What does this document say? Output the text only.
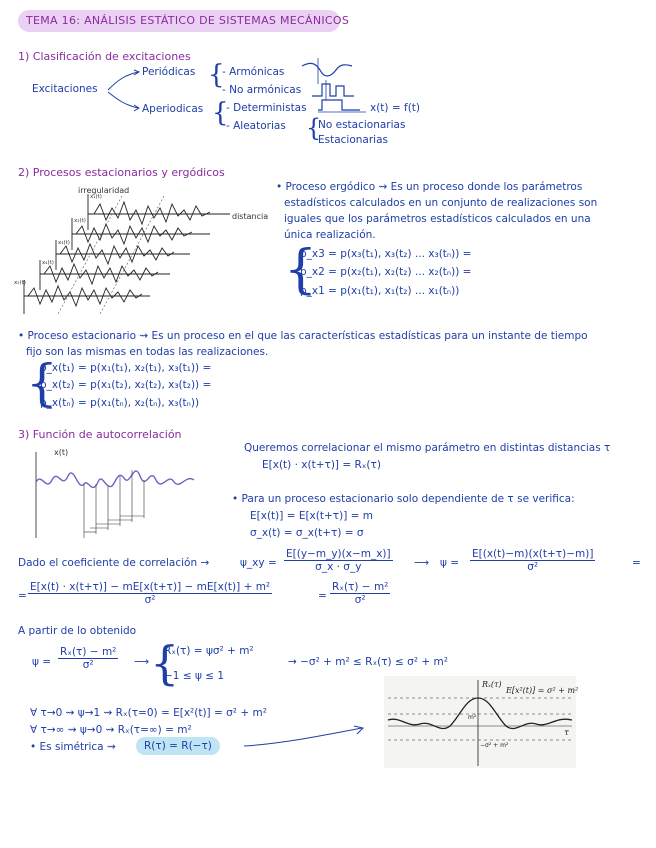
TEMA 16: ANÁLISIS ESTÁTICO DE SISTEMAS MECÁNICOS
1) Clasificación de excitaciones
Excitaciones
Periódicas {
- Armónicas
- No armónicas
Aperiodicas {
- Deterministas	x(t) = f(t)
- Aleatorias {
No estacionarias
Estacionarias
2) Procesos estacionarios y ergódicos
irregularidad
distancia
x₁(t)
x₂(t)
x₃(t)
x₄(t)
x₅(t)
• Proceso ergódico ⇝ Es un proceso donde los parámetros
estadísticos calculados en un conjunto de realizaciones son
iguales que los parámetros estadísticos calculados en una
única realización.
{
p_x3 = p(x₃(t₁), x₃(t₂) ... x₃(tₙ)) =
p_x2 = p(x₂(t₁), x₂(t₂) ... x₂(tₙ)) =
p_x1 = p(x₁(t₁), x₁(t₂) ... x₁(tₙ))
• Proceso estacionario ⇝ Es un proceso en el que las características estadísticas para un instante de tiempo
fijo son las mismas en todas las realizaciones.
{
p_x(t₁) = p(x₁(t₁), x₂(t₁), x₃(t₁)) =
p_x(t₂) = p(x₁(t₂), x₂(t₂), x₃(t₂)) =
p_x(tₙ) = p(x₁(tₙ), x₂(tₙ), x₃(tₙ))
3) Función de autocorrelación
x(t)	Queremos correlacionar el mismo parámetro en distintas distancias τ
E[x(t) · x(t+τ)] = Rₓ(τ)
• Para un proceso estacionario solo dependiente de τ se verifica:
E[x(t)] = E[x(t+τ)] = m
σ_x(t) = σ_x(t+τ) = σ
Dado el coeficiente de correlación →	ψ_xy = $\frac{E[(y-m\_y)(x-m\_x)]}{\sigma\_x \cdot \sigma\_y}$ ⟶ $\psi = \frac{E[(x(t)-m)(x(t+\tau)-m)]}{\text{σ²}}$	=
= $\frac{\text{E[x(t) · x(t+τ)] − mE[x(t+τ)] − mE[x(t)] + m²}}{\text{σ²}}$	= $\frac{\text{Rₓ(τ) − m²}}{\text{σ²}}$
A partir de lo obtenido
$\psi = \frac{\text{Rₓ(τ) − m²}}{\text{σ²}}$ ⟶ {
Rₓ(τ) = ψσ² + m²
−1 ≤ ψ ≤ 1
→ −σ² + m² ≤ Rₓ(τ) ≤ σ² + m²
∀ τ→0 ⇝ ψ→1 ⇝ Rₓ(τ=0) = E[x²(t)] = σ² + m²
∀ τ→∞ ⇝ ψ→0 ⇝ Rₓ(τ=∞) = m²
• Es simétrica ⇝	R(τ) = R(−τ)
Rₓ(τ)
E[x²(t)] = σ² + m²
m²
−σ² + m²
τ
